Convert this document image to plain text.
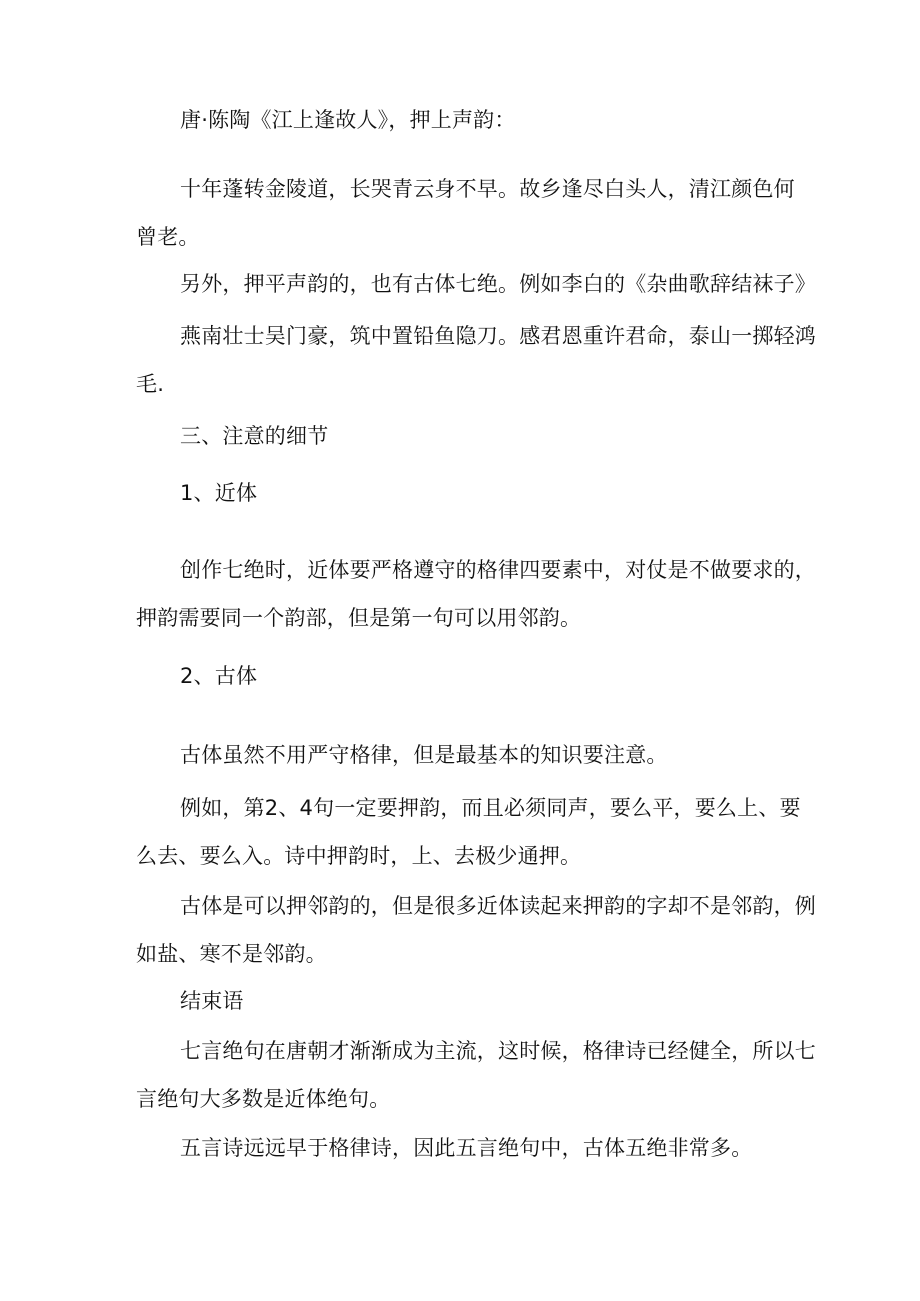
唐·陈陶《江上逢故人》，押上声韵：
十年蓬转金陵道，长哭青云身不早。故乡逢尽白头人，清江颜色何
曾老。
另外，押平声韵的，也有古体七绝。例如李白的《杂曲歌辞结袜子》
燕南壮士吴门豪，筑中置铅鱼隐刀。感君恩重许君命，泰山一掷轻鸿
毛.
三、注意的细节
1、近体
创作七绝时，近体要严格遵守的格律四要素中，对仗是不做要求的，
押韵需要同一个韵部，但是第一句可以用邻韵。
2、古体
古体虽然不用严守格律，但是最基本的知识要注意。
例如，第2、4句一定要押韵，而且必须同声，要么平，要么上、要
么去、要么入。诗中押韵时，上、去极少通押。
古体是可以押邻韵的，但是很多近体读起来押韵的字却不是邻韵，例
如盐、寒不是邻韵。
结束语
七言绝句在唐朝才渐渐成为主流，这时候，格律诗已经健全，所以七
言绝句大多数是近体绝句。
五言诗远远早于格律诗，因此五言绝句中，古体五绝非常多。
